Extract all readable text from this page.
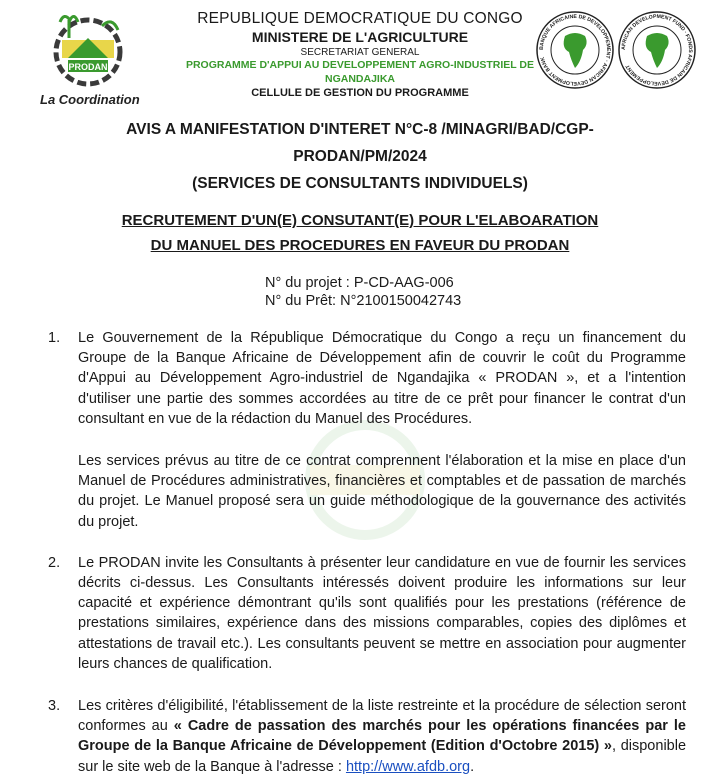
PRODAN
La Coordination
REPUBLIQUE DEMOCRATIQUE DU CONGO
MINISTERE DE L'AGRICULTURE
SECRETARIAT GENERAL
PROGRAMME D'APPUI AU DEVELOPPEMENT AGRO-INDUSTRIEL DE
NGANDAJIKA
CELLULE DE GESTION DU PROGRAMME
BANQUE AFRICAINE DE DEVELOPPEMENT · AFRICAN DEVELOPMENT BANK
AFRICAN DEVELOPMENT FUND · FONDS AFRICAIN DE DEVELOPPEMENT
AVIS A MANIFESTATION D'INTERET N°C-8 /MINAGRI/BAD/CGP-
PRODAN/PM/2024
(SERVICES DE CONSULTANTS INDIVIDUELS)
RECRUTEMENT D'UN(E) CONSUTANT(E) POUR L'ELABOARATION
DU MANUEL DES PROCEDURES EN FAVEUR DU PRODAN
N° du projet : P-CD-AAG-006
N° du Prêt: N°2100150042743
1.	Le Gouvernement de la République Démocratique du Congo a reçu un financement du Groupe de la Banque Africaine de Développement afin de couvrir le coût du Programme d'Appui au Développement Agro-industriel de Ngandajika « PRODAN », et a l'intention d'utiliser une partie des sommes accordées au titre de ce prêt pour financer le contrat d'un consultant en vue de la rédaction du Manuel des Procédures.

Les services prévus au titre de ce contrat comprennent l'élaboration et la mise en place d'un Manuel de Procédures administratives, financières et comptables et de passation de marchés du projet. Le Manuel proposé sera un guide méthodologique de la gouvernance des activités du projet.

2.	Le PRODAN invite les Consultants à présenter leur candidature en vue de fournir les services décrits ci-dessus. Les Consultants intéressés doivent produire les informations sur leur capacité et expérience démontrant qu'ils sont qualifiés pour les prestations (référence de prestations similaires, expérience dans des missions comparables, copies des diplômes et attestations de travail etc.). Les consultants peuvent se mettre en association pour augmenter leurs chances de qualification.

3.	Les critères d'éligibilité, l'établissement de la liste restreinte et la procédure de sélection seront conformes au « Cadre de passation des marchés pour les opérations financées par le Groupe de la Banque Africaine de Développement (Edition d'Octobre 2015) », disponible sur le site web de la Banque à l'adresse : http://www.afdb.org.
